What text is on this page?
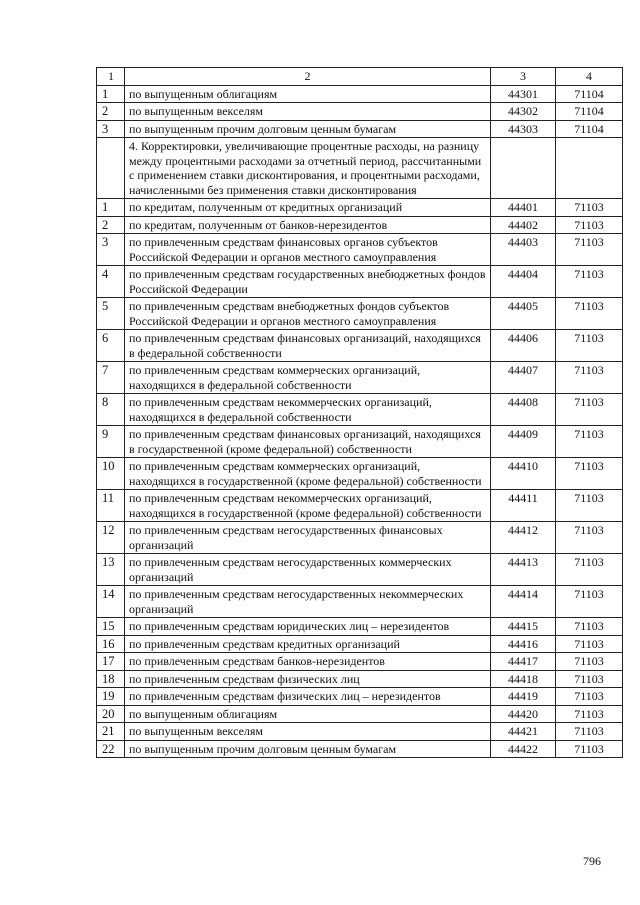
1	2	3	4
1	по выпущенным облигациям	44301	71104
2	по выпущенным векселям	44302	71104
3	по выпущенным прочим долговым ценным бумагам	44303	71104
	4. Корректировки, увеличивающие процентные расходы, на разницу между процентными расходами за отчетный период, рассчитанными с применением ставки дисконтирования, и процентными расходами, начисленными без применения ставки дисконтирования		
1	по кредитам, полученным от кредитных организаций	44401	71103
2	по кредитам, полученным от банков-нерезидентов	44402	71103
3	по привлеченным средствам финансовых органов субъектов Российской Федерации и органов местного самоуправления	44403	71103
4	по привлеченным средствам государственных внебюджетных фондов Российской Федерации	44404	71103
5	по привлеченным средствам внебюджетных фондов субъектов Российской Федерации и органов местного самоуправления	44405	71103
6	по привлеченным средствам финансовых организаций, находящихся в федеральной собственности	44406	71103
7	по привлеченным средствам коммерческих организаций, находящихся в федеральной собственности	44407	71103
8	по привлеченным средствам некоммерческих организаций, находящихся в федеральной собственности	44408	71103
9	по привлеченным средствам финансовых организаций, находящихся в государственной (кроме федеральной) собственности	44409	71103
10	по привлеченным средствам коммерческих организаций, находящихся в государственной (кроме федеральной) собственности	44410	71103
11	по привлеченным средствам некоммерческих организаций, находящихся в государственной (кроме федеральной) собственности	44411	71103
12	по привлеченным средствам негосударственных финансовых организаций	44412	71103
13	по привлеченным средствам негосударственных коммерческих организаций	44413	71103
14	по привлеченным средствам негосударственных некоммерческих организаций	44414	71103
15	по привлеченным средствам юридических лиц – нерезидентов	44415	71103
16	по привлеченным средствам кредитных организаций	44416	71103
17	по привлеченным средствам банков-нерезидентов	44417	71103
18	по привлеченным средствам физических лиц	44418	71103
19	по привлеченным средствам физических лиц – нерезидентов	44419	71103
20	по выпущенным облигациям	44420	71103
21	по выпущенным векселям	44421	71103
22	по выпущенным прочим долговым ценным бумагам	44422	71103
796
